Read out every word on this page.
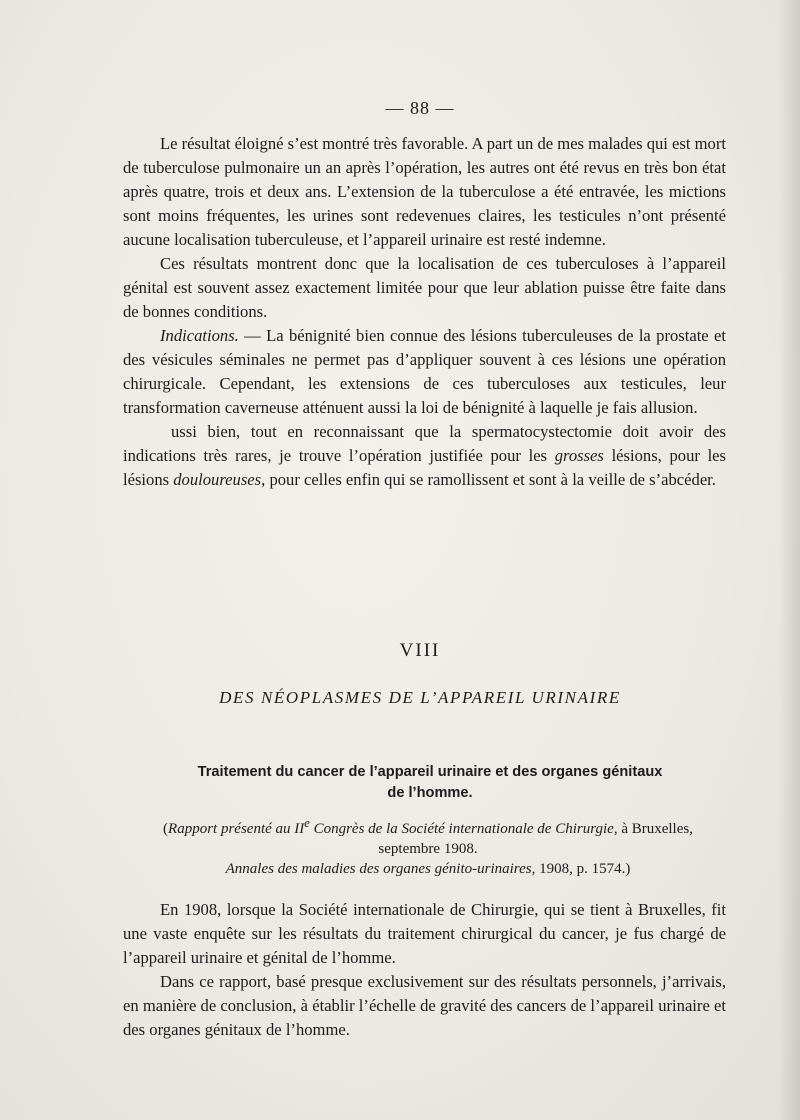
— 88 —

Le résultat éloigné s’est montré très favorable. A part un de mes malades qui est mort de tuberculose pulmonaire un an après l’opération, les autres ont été revus en très bon état après quatre, trois et deux ans. L’extension de la tuberculose a été entravée, les mictions sont moins fréquentes, les urines sont redevenues claires, les testicules n’ont présenté aucune localisation tuberculeuse, et l’appareil urinaire est resté indemne.

Ces résultats montrent donc que la localisation de ces tuberculoses à l’appareil génital est souvent assez exactement limitée pour que leur ablation puisse être faite dans de bonnes conditions.

Indications. — La bénignité bien connue des lésions tuberculeuses de la prostate et des vésicules séminales ne permet pas d’appliquer souvent à ces lésions une opération chirurgicale. Cependant, les extensions de ces tuberculoses aux testicules, leur transformation caverneuse atténuent aussi la loi de bénignité à laquelle je fais allusion.

ussi bien, tout en reconnaissant que la spermatocystectomie doit avoir des indications très rares, je trouve l’opération justifiée pour les grosses lésions, pour les lésions douloureuses, pour celles enfin qui se ramollissent et sont à la veille de s’abcéder.

VIII
DES NÉOPLASMES DE L’APPAREIL URINAIRE
Traitement du cancer de l’appareil urinaire et des organes génitaux
de l’homme.
(Rapport présenté au IIe Congrès de la Société internationale de Chirurgie, à Bruxelles,
septembre 1908.
Annales des maladies des organes génito-urinaires, 1908, p. 1574.)

En 1908, lorsque la Société internationale de Chirurgie, qui se tient à Bruxelles, fit une vaste enquête sur les résultats du traitement chirurgical du cancer, je fus chargé de l’appareil urinaire et génital de l’homme.

Dans ce rapport, basé presque exclusivement sur des résultats personnels, j’arrivais, en manière de conclusion, à établir l’échelle de gravité des cancers de l’appareil urinaire et des organes génitaux de l’homme.
